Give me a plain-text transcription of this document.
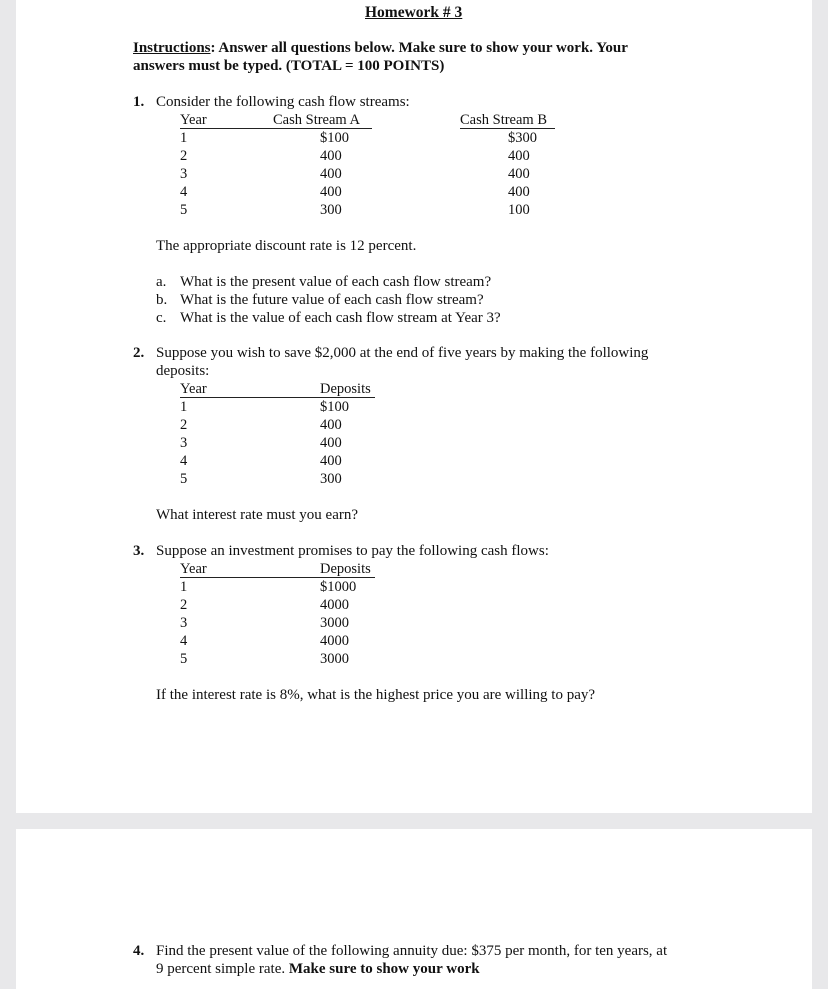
Homework # 3
Instructions: Answer all questions below. Make sure to show your work. Your
answers must be typed. (TOTAL = 100 POINTS)
1. Consider the following cash flow streams:
Year	Cash Stream A	Cash Stream B
The appropriate discount rate is 12 percent.
a. What is the present value of each cash flow stream?
b. What is the future value of each cash flow stream?
c. What is the value of each cash flow stream at Year 3?
2. Suppose you wish to save $2,000 at the end of five years by making the following
deposits:
Year	Deposits
What interest rate must you earn?
3. Suppose an investment promises to pay the following cash flows:
Year	Deposits
If the interest rate is 8%, what is the highest price you are willing to pay?
1	$100	$300
2	400	400
3	400	400
4	400	400
5	300	100
1	$100
2	400
3	400
4	400
5	300
1	$1000
2	4000
3	3000
4	4000
5	3000
4. Find the present value of the following annuity due: $375 per month, for ten years, at
9 percent simple rate. Make sure to show your work
